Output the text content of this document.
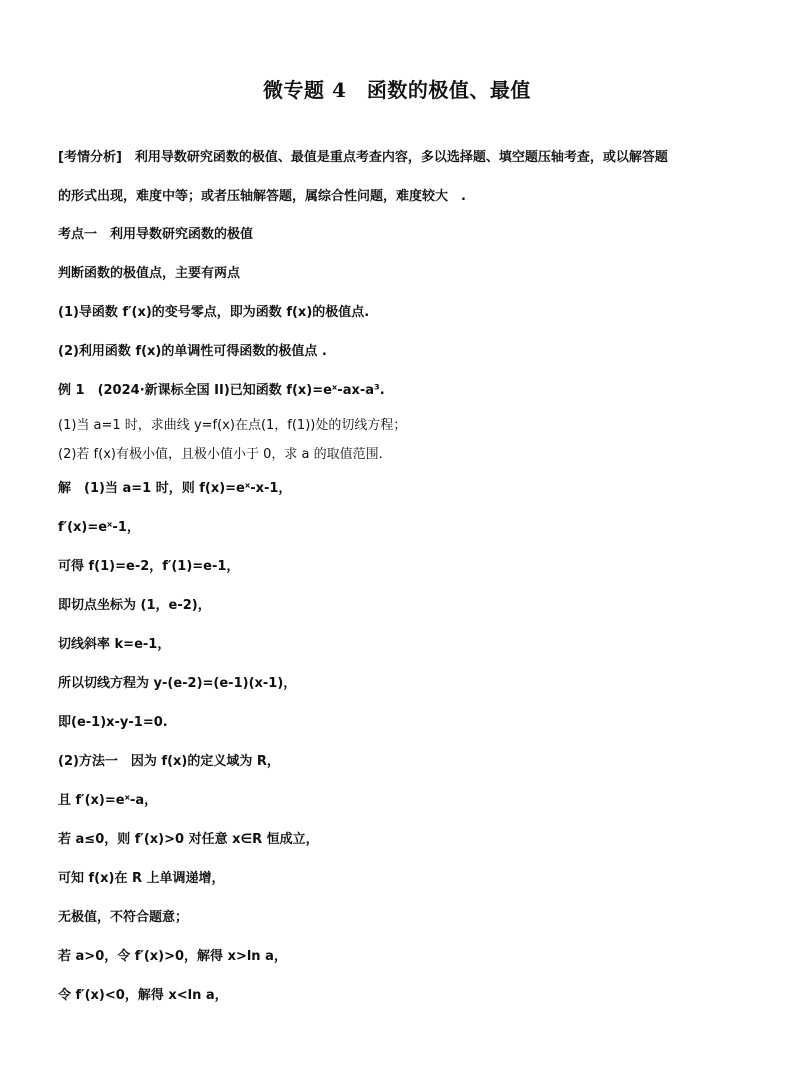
微专题 4　函数的极值、最值
[考情分析]　利用导数研究函数的极值、最值是重点考查内容，多以选择题、填空题压轴考查，或以解答题
的形式出现，难度中等；或者压轴解答题，属综合性问题，难度较大　.
考点一　利用导数研究函数的极值
判断函数的极值点，主要有两点
(1)导函数 f′(x)的变号零点，即为函数 f(x)的极值点.
(2)利用函数 f(x)的单调性可得函数的极值点 .
例 1　(2024·新课标全国 II)已知函数 f(x)=eˣ-ax-a³.
(1)当 a=1 时，求曲线 y=f(x)在点(1，f(1))处的切线方程；
(2)若 f(x)有极小值，且极小值小于 0，求 a 的取值范围.
解　(1)当 a=1 时，则 f(x)=eˣ-x-1，
f′(x)=eˣ-1，
可得 f(1)=e-2，f′(1)=e-1，
即切点坐标为 (1，e-2)，
切线斜率 k=e-1，
所以切线方程为 y-(e-2)=(e-1)(x-1)，
即(e-1)x-y-1=0.
(2)方法一　因为 f(x)的定义域为 R，
且 f′(x)=eˣ-a，
若 a≤0，则 f′(x)>0 对任意 x∈R 恒成立，
可知 f(x)在 R 上单调递增，
无极值，不符合题意；
若 a>0，令 f′(x)>0，解得 x>ln a，
令 f′(x)<0，解得 x<ln a，
